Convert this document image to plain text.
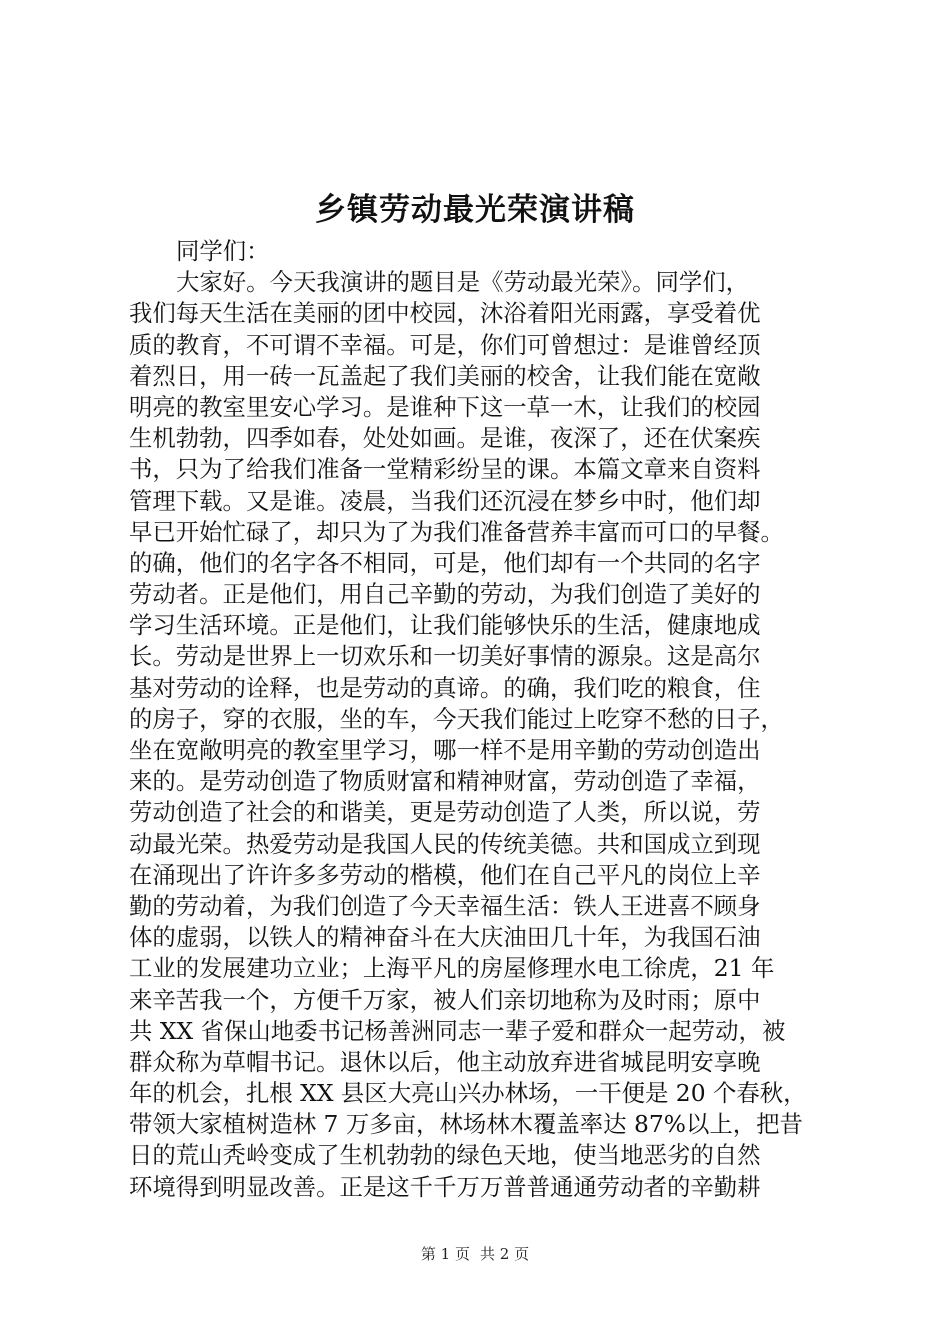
乡镇劳动最光荣演讲稿
同学们：
大家好。今天我演讲的题目是《劳动最光荣》。同学们，
我们每天生活在美丽的团中校园，沐浴着阳光雨露，享受着优
质的教育，不可谓不幸福。可是，你们可曾想过：是谁曾经顶
着烈日，用一砖一瓦盖起了我们美丽的校舍，让我们能在宽敞
明亮的教室里安心学习。是谁种下这一草一木，让我们的校园
生机勃勃，四季如春，处处如画。是谁，夜深了，还在伏案疾
书，只为了给我们准备一堂精彩纷呈的课。本篇文章来自资料
管理下载。又是谁。凌晨，当我们还沉浸在梦乡中时，他们却
早已开始忙碌了，却只为了为我们准备营养丰富而可口的早餐。
的确，他们的名字各不相同，可是，他们却有一个共同的名字
劳动者。正是他们，用自己辛勤的劳动，为我们创造了美好的
学习生活环境。正是他们，让我们能够快乐的生活，健康地成
长。劳动是世界上一切欢乐和一切美好事情的源泉。这是高尔
基对劳动的诠释，也是劳动的真谛。的确，我们吃的粮食，住
的房子，穿的衣服，坐的车，今天我们能过上吃穿不愁的日子，
坐在宽敞明亮的教室里学习，哪一样不是用辛勤的劳动创造出
来的。是劳动创造了物质财富和精神财富，劳动创造了幸福，
劳动创造了社会的和谐美，更是劳动创造了人类，所以说，劳
动最光荣。热爱劳动是我国人民的传统美德。共和国成立到现
在涌现出了许许多多劳动的楷模，他们在自己平凡的岗位上辛
勤的劳动着，为我们创造了今天幸福生活：铁人王进喜不顾身
体的虚弱，以铁人的精神奋斗在大庆油田几十年，为我国石油
工业的发展建功立业；上海平凡的房屋修理水电工徐虎，21 年
来辛苦我一个，方便千万家，被人们亲切地称为及时雨；原中
共 XX 省保山地委书记杨善洲同志一辈子爱和群众一起劳动，被
群众称为草帽书记。退休以后，他主动放弃进省城昆明安享晚
年的机会，扎根 XX 县区大亮山兴办林场，一干便是 20 个春秋，
带领大家植树造林 7 万多亩，林场林木覆盖率达 87%以上，把昔
日的荒山秃岭变成了生机勃勃的绿色天地，使当地恶劣的自然
环境得到明显改善。正是这千千万万普普通通劳动者的辛勤耕
第 1 页 共 2 页
